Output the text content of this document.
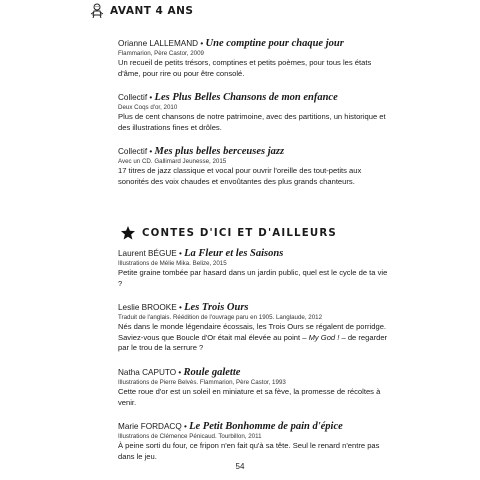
AVANT 4 ANS
Orianne LALLEMAND • Une comptine pour chaque jour
Flammarion, Père Castor, 2009
Un recueil de petits trésors, comptines et petits poèmes, pour tous les états d'âme, pour rire ou pour être consolé.
Collectif • Les Plus Belles Chansons de mon enfance
Deux Coqs d'or, 2010
Plus de cent chansons de notre patrimoine, avec des partitions, un historique et des illustrations fines et drôles.
Collectif • Mes plus belles berceuses jazz
Avec un CD. Gallimard Jeunesse, 2015
17 titres de jazz classique et vocal pour ouvrir l'oreille des tout-petits aux sonorités des voix chaudes et envoûtantes des plus grands chanteurs.
CONTES D'ICI ET D'AILLEURS
Laurent BÉGUE • La Fleur et les Saisons
Illustrations de Mélie Mika. Belize, 2015
Petite graine tombée par hasard dans un jardin public, quel est le cycle de ta vie ?
Leslie BROOKE • Les Trois Ours
Traduit de l'anglais. Réédition de l'ouvrage paru en 1905. Langlaude, 2012
Nés dans le monde légendaire écossais, les Trois Ours se régalent de porridge. Saviez-vous que Boucle d'Or était mal élevée au point – My God ! – de regarder par le trou de la serrure ?
Natha CAPUTO • Roule galette
Illustrations de Pierre Belvès. Flammarion, Père Castor, 1993
Cette roue d'or est un soleil en miniature et sa fève, la promesse de récoltes à venir.
Marie FORDACQ • Le Petit Bonhomme de pain d'épice
Illustrations de Clémence Pénicaud. Tourbillon, 2011
À peine sorti du four, ce fripon n'en fait qu'à sa tête. Seul le renard n'entre pas dans le jeu.
54
